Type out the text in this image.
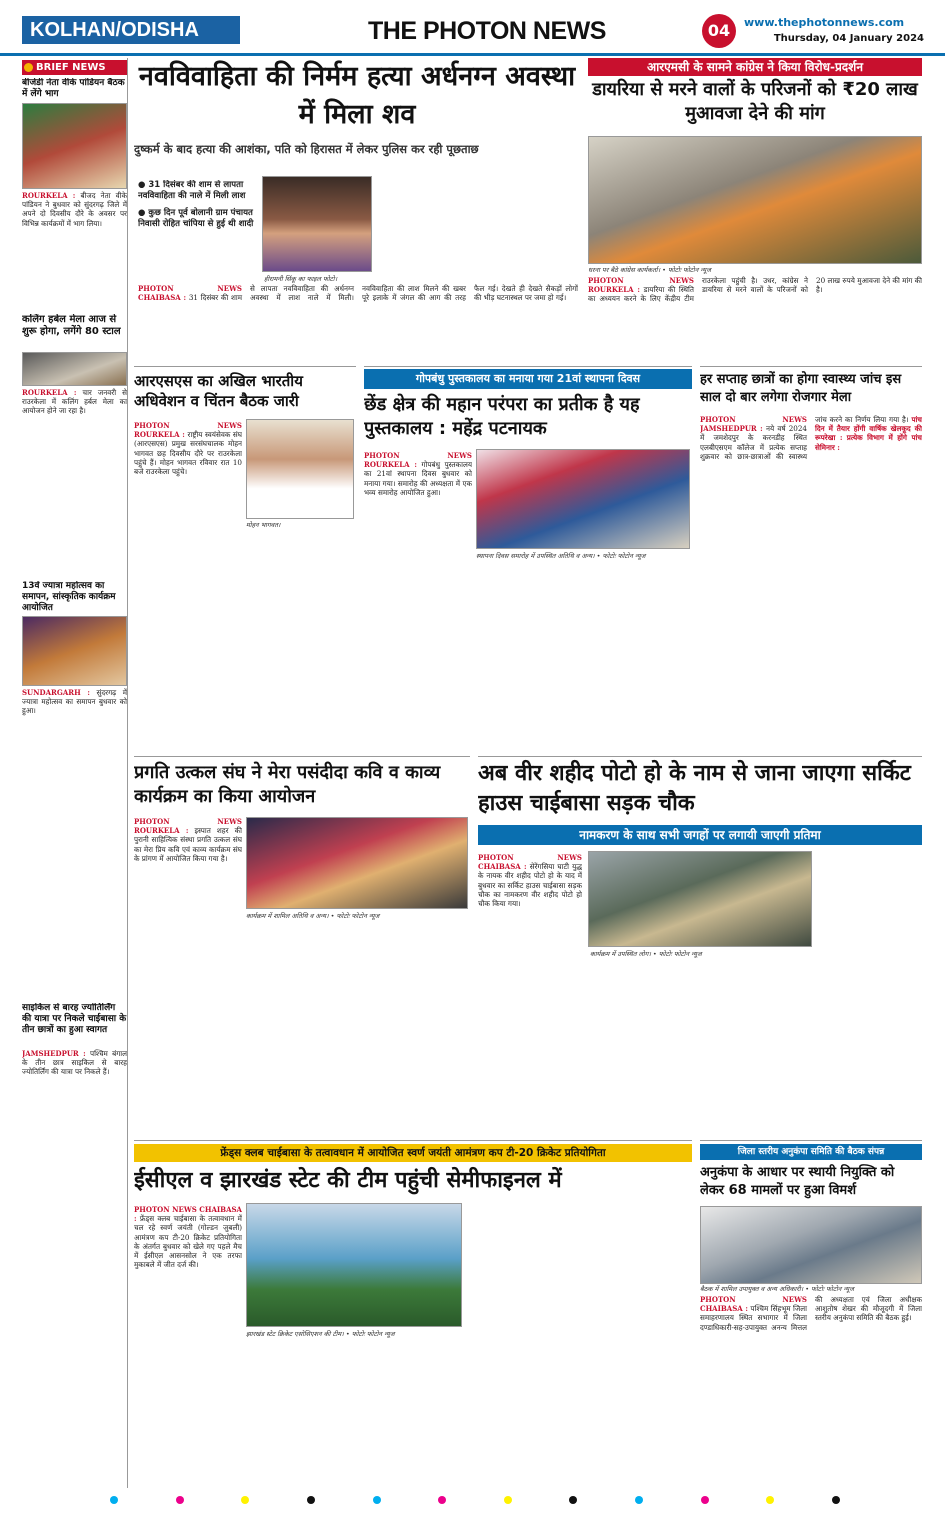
KOLHAN/ODISHA	THE PHOTON NEWS	04	www.thephotonnews.com
Thursday, 04 January 2024
BRIEF NEWS
बीजेडी नेता वीके पांडियन बैठक में लेंगे भाग
ROURKELA : बीजद नेता वीके पांडियन ने बुधवार को सुंदरगढ़ जिले में अपने दो दिवसीय दौरे के अवसर पर विभिन्न कार्यक्रमों में भाग लिया।
कलिंग हर्बल मेला आज से शुरू होगा, लगेंगे 80 स्टाल
ROURKELA : चार जनवरी से राउरकेला में कलिंग हर्बल मेला का आयोजन होने जा रहा है।
13वें ज्यात्रा महोत्सव का समापन, सांस्कृतिक कार्यक्रम आयोजित
SUNDARGARH : सुंदरगढ़ में ज्यात्रा महोत्सव का समापन बुधवार को हुआ।
साइकिल से बारह ज्योतिर्लिंग की यात्रा पर निकले चाईबासा के तीन छात्रों का हुआ स्वागत
JAMSHEDPUR : पश्चिम बंगाल के तीन छात्र साइकिल से बारह ज्योतिर्लिंग की यात्रा पर निकले हैं।
नवविवाहिता की निर्मम हत्या अर्धनग्न अवस्था में मिला शव
दुष्कर्म के बाद हत्या की आशंका, पति को हिरासत में लेकर पुलिस कर रही पूछताछ
● 31 दिसंबर की शाम से लापता नवविवाहिता की नाले में मिली लाश
● कुछ दिन पूर्व बोलानी ग्राम पंचायत निवासी रोहित चांपिया से हुई थी शादी
हीरामनी सिंकू का फाइल फोटो।
PHOTON NEWS CHAIBASA : 31 दिसंबर की शाम से लापता नवविवाहिता की अर्धनग्न अवस्था में लाश नाले में मिली। नवविवाहिता की लाश मिलने की खबर पूरे इलाके में जंगल की आग की तरह फैल गई। देखते ही देखते सैकड़ों लोगों की भीड़ घटनास्थल पर जमा हो गई।
आरएमसी के सामने कांग्रेस ने किया विरोध-प्रदर्शन
डायरिया से मरने वालों के परिजनों को ₹20 लाख मुआवजा देने की मांग
धरना पर बैठे कांग्रेस कार्यकर्ता। • फोटोः फोटोन न्यूज
PHOTON NEWS ROURKELA : डायरिया की स्थिति का अध्ययन करने के लिए केंद्रीय टीम राउरकेला पहुंची है। उधर, कांग्रेस ने डायरिया से मरने वालों के परिजनों को 20 लाख रुपये मुआवजा देने की मांग की है।
आरएसएस का अखिल भारतीय अधिवेशन व चिंतन बैठक जारी
मोहन भागवत।
PHOTON NEWS ROURKELA : राष्ट्रीय स्वयंसेवक संघ (आरएसएस) प्रमुख सरसंघचालक मोहन भागवत छह दिवसीय दौरे पर राउरकेला पहुंचे हैं। मोहन भागवत रविवार रात 10 बजे राउरकेला पहुंचे।
गोपबंधु पुस्तकालय का मनाया गया 21वां स्थापना दिवस
छेंड क्षेत्र की महान परंपरा का प्रतीक है यह पुस्तकालय : महेंद्र पटनायक
स्थापना दिवस समारोह में उपस्थित अतिथि व अन्य। • फोटोः फोटोन न्यूज
PHOTON NEWS ROURKELA : गोपबंधु पुस्तकालय का 21वां स्थापना दिवस बुधवार को मनाया गया। समारोह की अध्यक्षता में एक भव्य समारोह आयोजित हुआ।
हर सप्ताह छात्रों का होगा स्वास्थ्य जांच इस साल दो बार लगेगा रोजगार मेला
PHOTON NEWS JAMSHEDPUR : नये वर्ष 2024 में जमशेदपुर के करनडीह स्थित एलबीएसएम कॉलेज में प्रत्येक सप्ताह शुक्रवार को छात्र-छात्राओं की स्वास्थ्य जांच करने का निर्णय लिया गया है। पांच दिन में तैयार होंगी वार्षिक खेलकूद की रूपरेखा : प्रत्येक विभाग में होंगे पांच सेमिनार :
प्रगति उत्कल संघ ने मेरा पसंदीदा कवि व काव्य कार्यक्रम का किया आयोजन
कार्यक्रम में शामिल अतिथि व अन्य। • फोटोः फोटोन न्यूज
PHOTON NEWS ROURKELA : इस्पात शहर की पुरानी साहित्यिक संस्था प्रगति उत्कल संघ का मेरा प्रिय कवि एवं काव्य कार्यक्रम संघ के प्रांगण में आयोजित किया गया है।
अब वीर शहीद पोटो हो के नाम से जाना जाएगा सर्किट हाउस चाईबासा सड़क चौक
नामकरण के साथ सभी जगहों पर लगायी जाएगी प्रतिमा
PHOTON NEWS CHAIBASA : सेरेंगसिया घाटी युद्ध के नायक वीर शहीद पोटो हो के याद में बुधवार का सर्किट हाउस चाईबासा सड़क चौक का नामकरण वीर शहीद पोटो हो चौक किया गया।
कार्यक्रम में उपस्थित लोग। • फोटोः फोटोन न्यूज
फ्रेंड्स क्लब चाईबासा के तत्वावधान में आयोजित स्वर्ण जयंती आमंत्रण कप टी-20 क्रिकेट प्रतियोगिता
ईसीएल व झारखंड स्टेट की टीम पहुंची सेमीफाइनल में
PHOTON NEWS CHAIBASA : फ्रेंड्स क्लब चाईबासा के तत्वावधान में चल रहे स्वर्ण जयंती (गोल्डन जुबली) आमंत्रण कप टी-20 क्रिकेट प्रतियोगिता के अंतर्गत बुधवार को खेले गए पहले मैच में ईसीएल आसनसोल ने एक तरफा मुकाबले में जीत दर्ज की।
झारखंड स्टेट क्रिकेट एसोसिएशन की टीम। • फोटोः फोटोन न्यूज
जिला स्तरीय अनुकंपा समिति की बैठक संपन्न
अनुकंपा के आधार पर स्थायी नियुक्ति को लेकर 68 मामलों पर हुआ विमर्श
बैठक में शामिल उपायुक्त व अन्य अधिकारी। • फोटोः फोटोन न्यूज
PHOTON NEWS CHAIBASA : पश्चिम सिंहभूम जिला समाहरणालय स्थित सभागार में जिला दण्डाधिकारी-सह-उपायुक्त अनन्य मित्तल की अध्यक्षता एवं जिला अधीक्षक आशुतोष शेखर की मौजूदगी में जिला स्तरीय अनुकंपा समिति की बैठक हुई।
